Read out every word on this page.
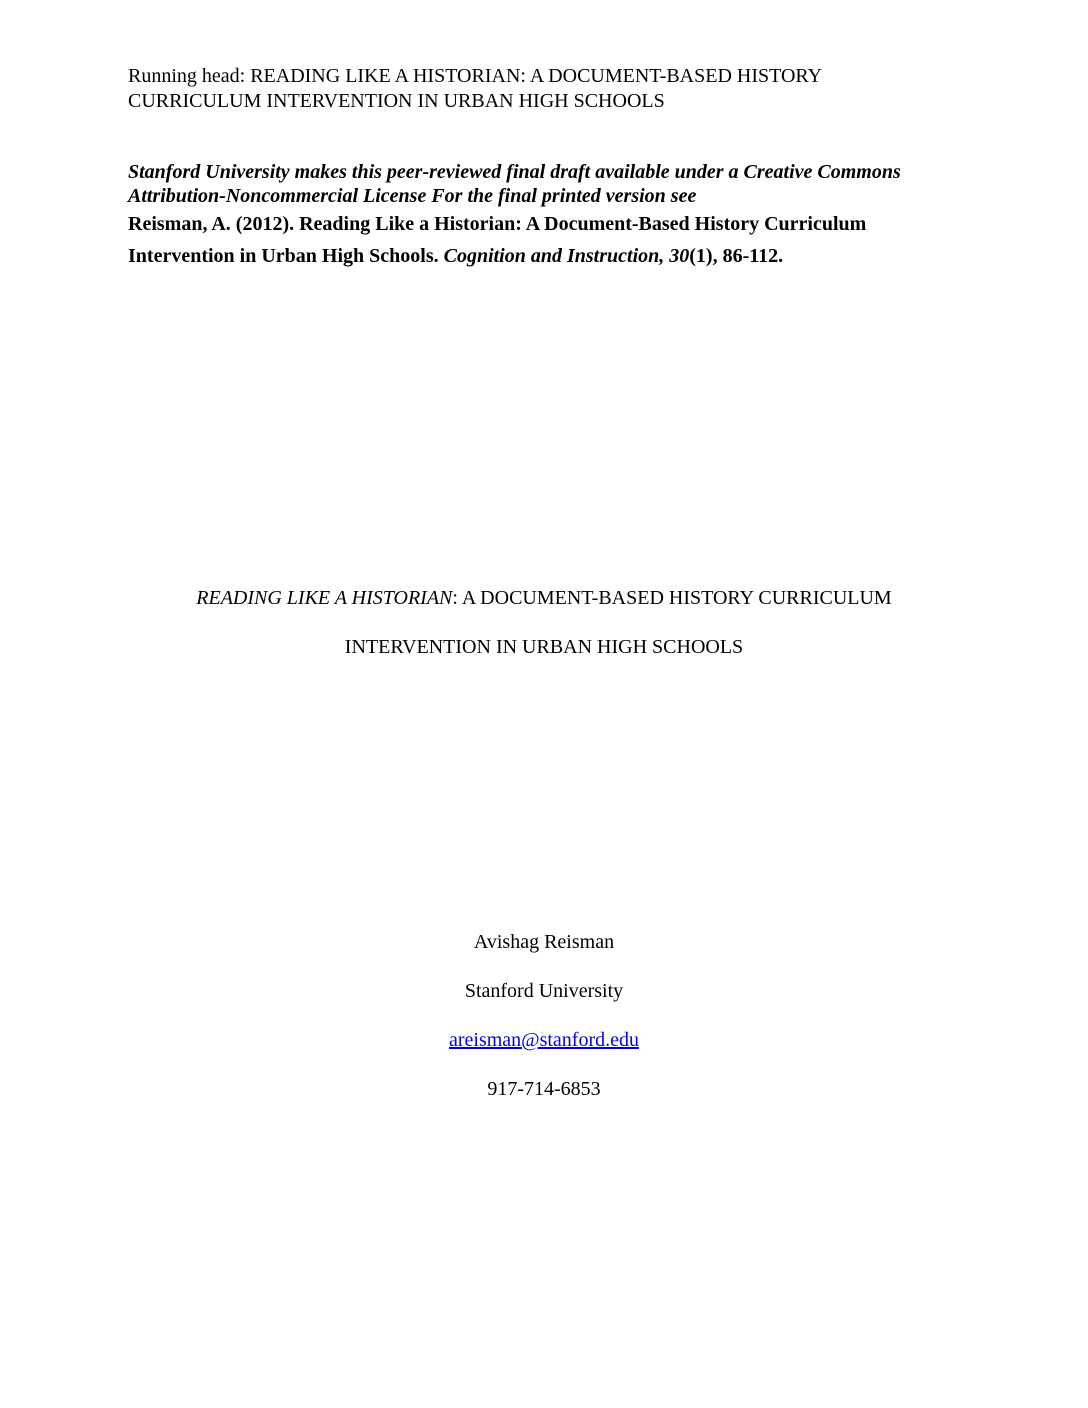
Running head: READING LIKE A HISTORIAN: A DOCUMENT-BASED HISTORY
CURRICULUM INTERVENTION IN URBAN HIGH SCHOOLS
Stanford University makes this peer-reviewed final draft available under a Creative Commons
Attribution-Noncommercial License For the final printed version see
Reisman, A. (2012). Reading Like a Historian: A Document-Based History Curriculum
Intervention in Urban High Schools. Cognition and Instruction, 30(1), 86-112.
READING LIKE A HISTORIAN: A DOCUMENT-BASED HISTORY CURRICULUM
INTERVENTION IN URBAN HIGH SCHOOLS
Avishag Reisman
Stanford University
areisman@stanford.edu
917-714-6853
